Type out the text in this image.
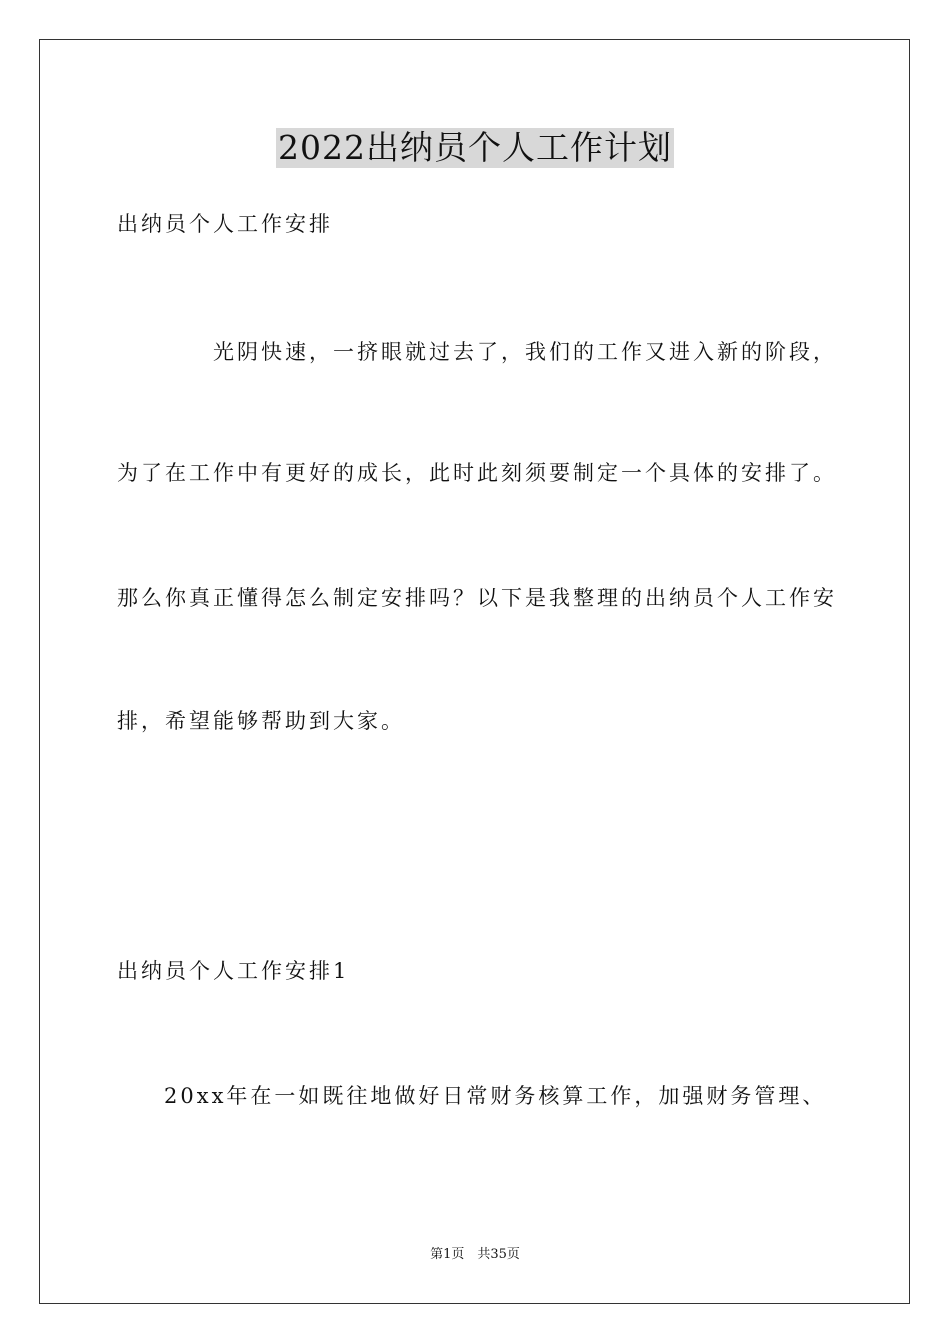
2022出纳员个人工作计划
出纳员个人工作安排
光阴快速，一挤眼就过去了，我们的工作又进入新的阶段，
为了在工作中有更好的成长，此时此刻须要制定一个具体的安排了。
那么你真正懂得怎么制定安排吗？以下是我整理的出纳员个人工作安
排，希望能够帮助到大家。
出纳员个人工作安排1
20xx年在一如既往地做好日常财务核算工作，加强财务管理、
第1页　共35页
